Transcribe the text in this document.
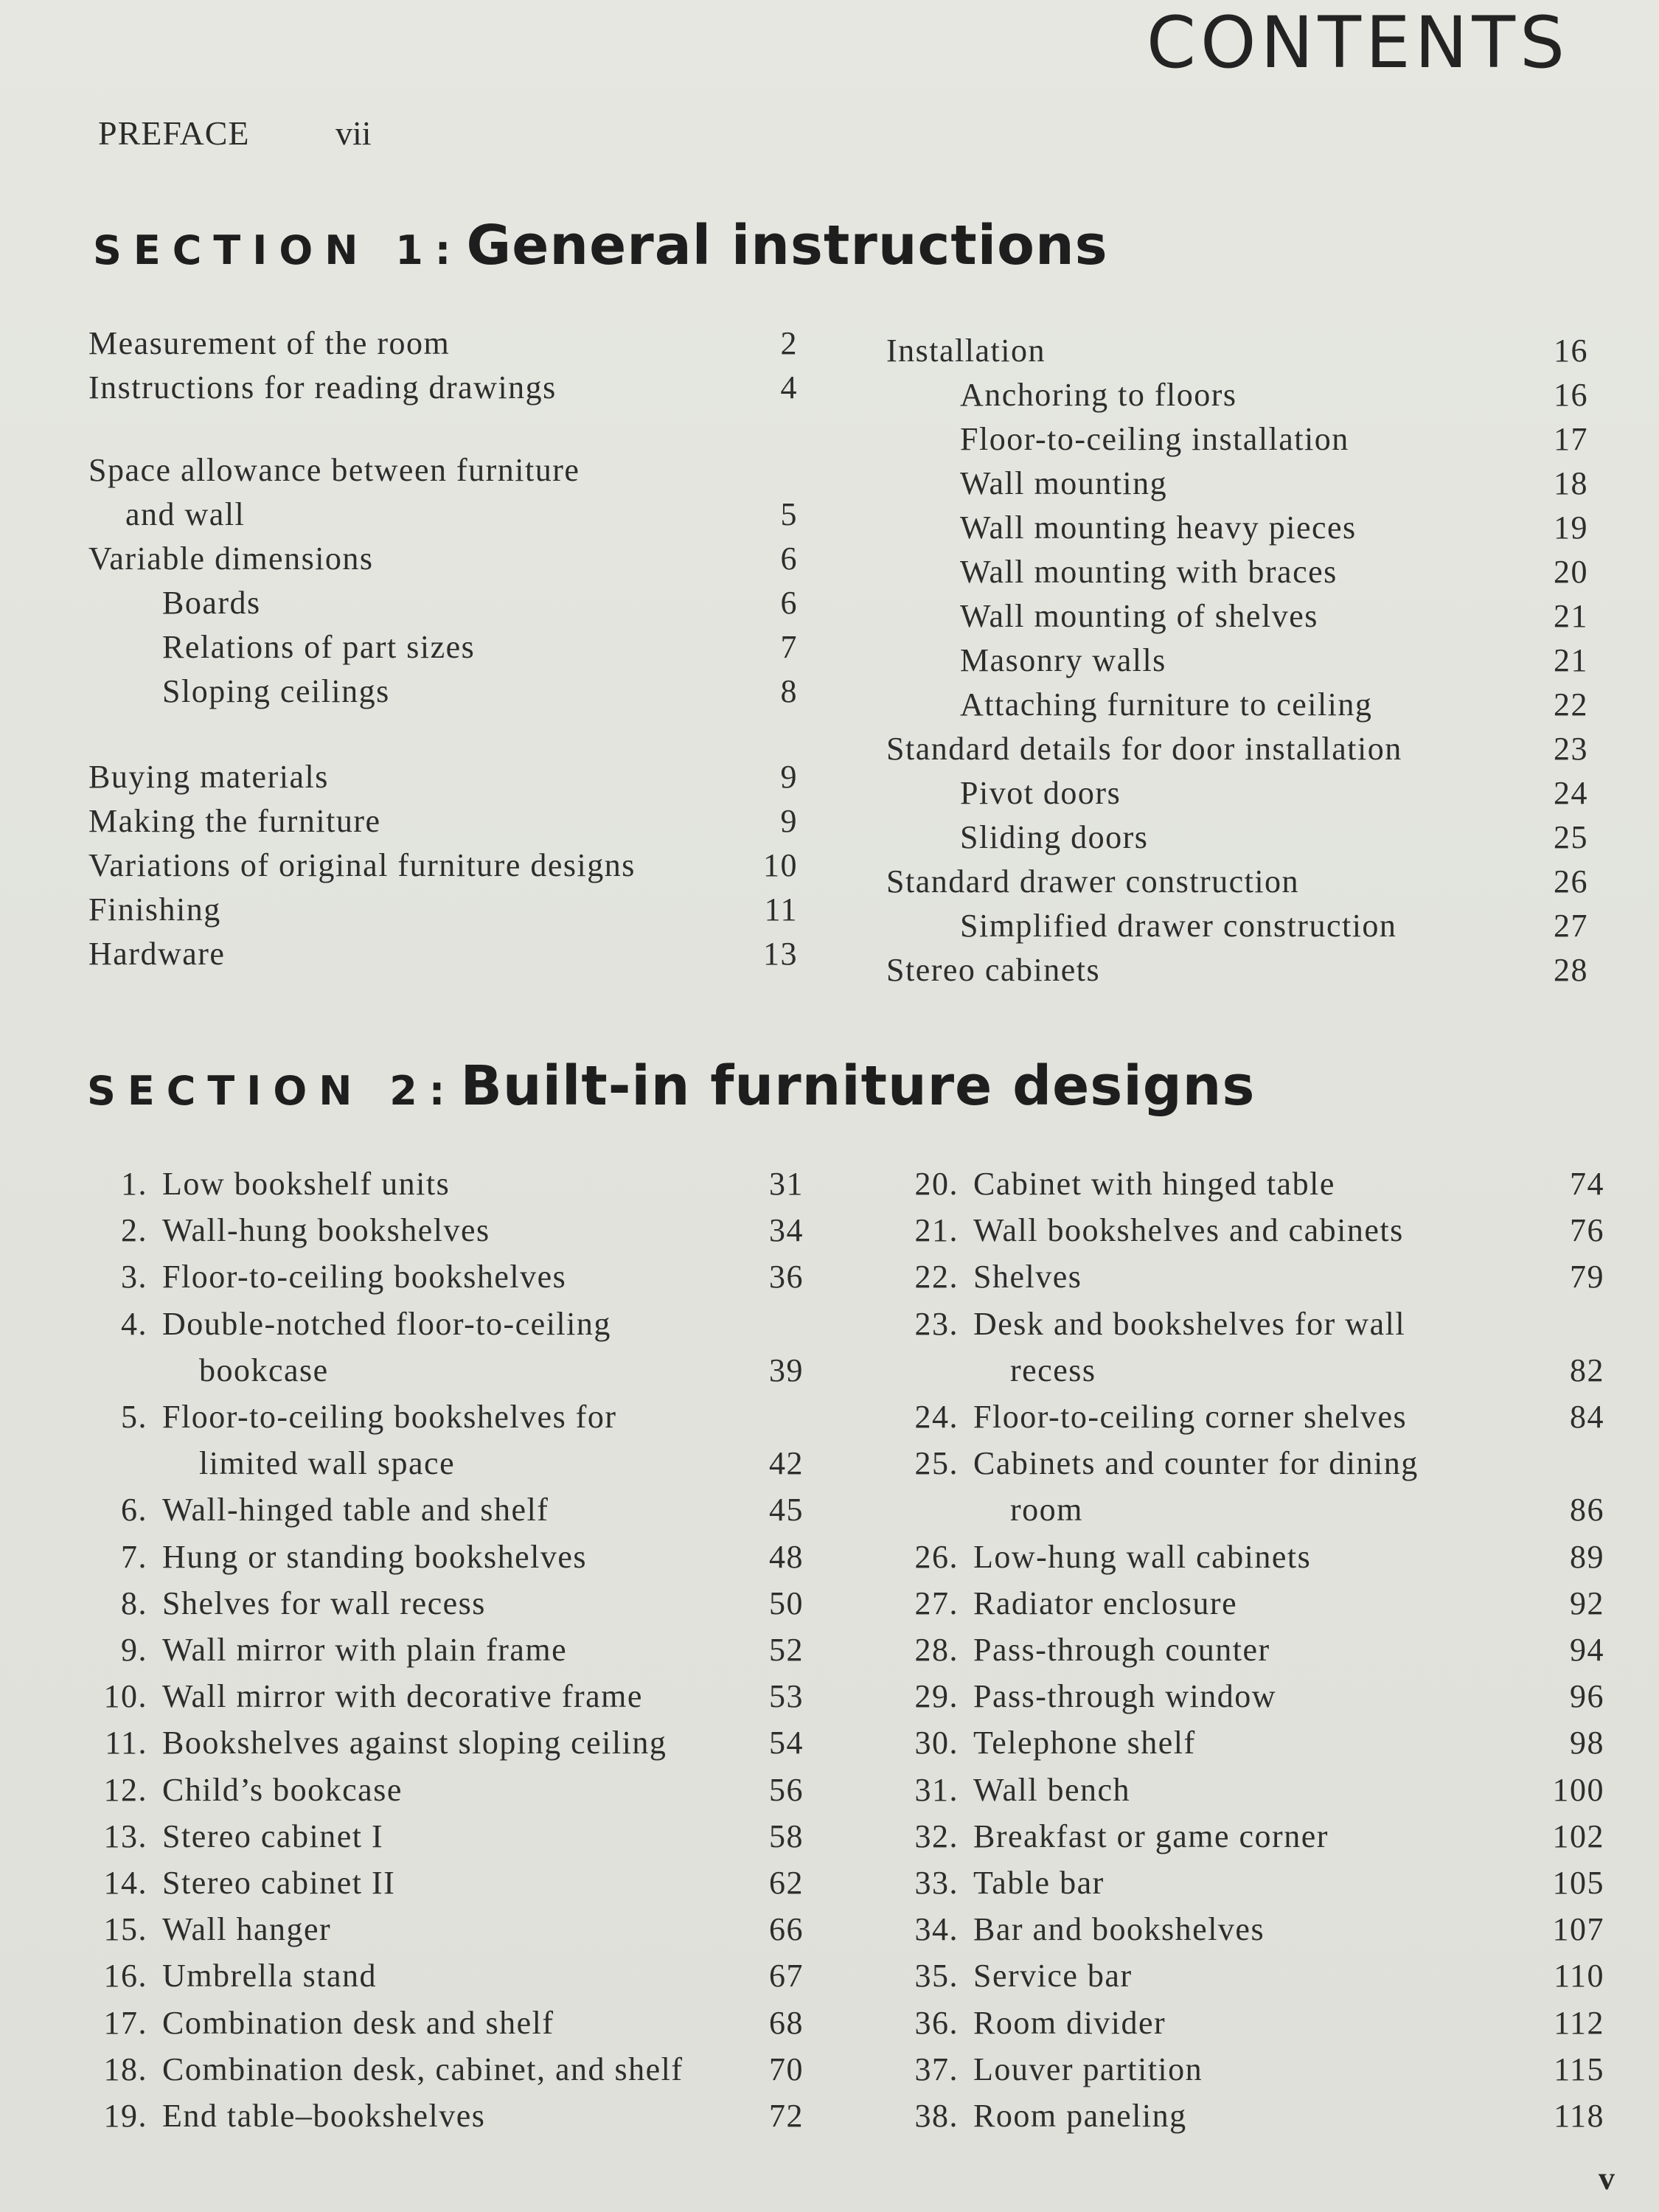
CONTENTS
PREFACE	vii
SECTION 1: General instructions
Measurement of the room	2
Instructions for reading drawings	4
Space allowance between furniture
and wall	5
Variable dimensions	6
Boards	6
Relations of part sizes	7
Sloping ceilings	8
Buying materials	9
Making the furniture	9
Variations of original furniture designs	10
Finishing	11
Hardware	13
Installation	16
Anchoring to floors	16
Floor-to-ceiling installation	17
Wall mounting	18
Wall mounting heavy pieces	19
Wall mounting with braces	20
Wall mounting of shelves	21
Masonry walls	21
Attaching furniture to ceiling	22
Standard details for door installation	23
Pivot doors	24
Sliding doors	25
Standard drawer construction	26
Simplified drawer construction	27
Stereo cabinets	28
SECTION 2: Built-in furniture designs
1. Low bookshelf units	31
2. Wall-hung bookshelves	34
3. Floor-to-ceiling bookshelves	36
4. Double-notched floor-to-ceiling
bookcase	39
5. Floor-to-ceiling bookshelves for
limited wall space	42
6. Wall-hinged table and shelf	45
7. Hung or standing bookshelves	48
8. Shelves for wall recess	50
9. Wall mirror with plain frame	52
10. Wall mirror with decorative frame	53
11. Bookshelves against sloping ceiling	54
12. Child’s bookcase	56
13. Stereo cabinet I	58
14. Stereo cabinet II	62
15. Wall hanger	66
16. Umbrella stand	67
17. Combination desk and shelf	68
18. Combination desk, cabinet, and shelf	70
19. End table–bookshelves	72
20. Cabinet with hinged table	74
21. Wall bookshelves and cabinets	76
22. Shelves	79
23. Desk and bookshelves for wall
recess	82
24. Floor-to-ceiling corner shelves	84
25. Cabinets and counter for dining
room	86
26. Low-hung wall cabinets	89
27. Radiator enclosure	92
28. Pass-through counter	94
29. Pass-through window	96
30. Telephone shelf	98
31. Wall bench	100
32. Breakfast or game corner	102
33. Table bar	105
34. Bar and bookshelves	107
35. Service bar	110
36. Room divider	112
37. Louver partition	115
38. Room paneling	118
v
